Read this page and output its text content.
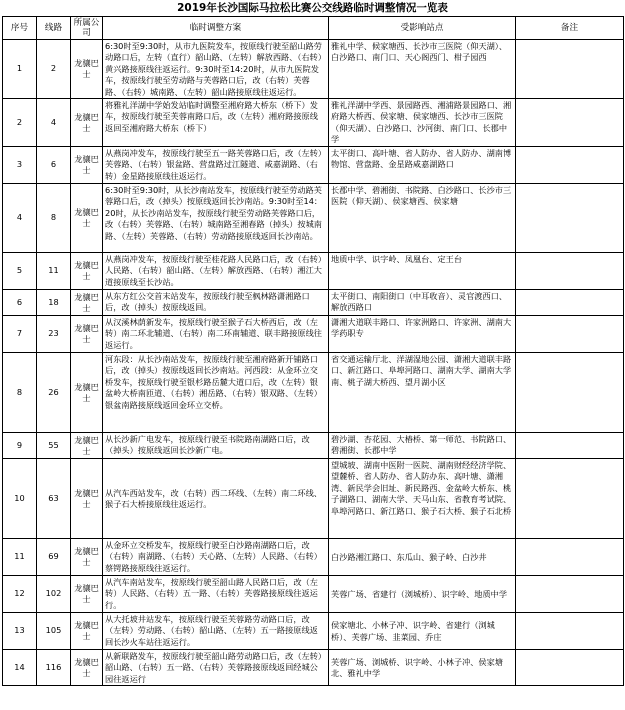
2019年长沙国际马拉松比赛公交线路临时调整情况一览表
序号	线路	所属公司	临时调整方案	受影响站点	备注
1	2	龙骧巴士	6:30时至9:30时，从市九医院发车，按原线行驶至韶山路劳动路口后，左转（直行）韶山路、（左转）解放西路、（右转）黄兴路接原线往返运行。9:30时至14:20时，从市九医院发车，按原线行驶至劳动路与芙蓉路口后，改（右转）芙蓉路、（右转）城南路、（左转）韶山路接原线往返运行。	雅礼中学、候家塘西、长沙市三医院（仰天湖）、白沙路口、南门口、天心阁西门、柑子园西	

2	4	龙骧巴士	将雅礼洋湖中学始发站临时调整至湘府路大桥东（桥下）发车，按原线行驶至芙蓉南路口后，改（左转）湘府路接原线返回至湘府路大桥东（桥下）	雅礼洋湖中学西、景园路西、湘浦路景园路口、湘府路大桥西、侯家塘、侯家塘西、长沙市三医院（仰天湖）、白沙路口、沙河街、南门口、长郡中学	

3	6	龙骧巴士	从燕岗冲发车，按原线行驶至五一路芙蓉路口后，改（左转）芙蓉路、（右转）银盆路、营盘路过江隧道、咸嘉湖路、（右转）金星路接原线往返运行。	太平街口、高叶塘、省人防办、省人防办、湖南博物馆、营盘路、金星路咸嘉湖路口	

4	8	龙骧巴士	6:30时至9:30时，从长沙南站发车，按原线行驶至劳动路芙蓉路口后，改（掉头）按原线返回长沙南站。9:30时至14：20时，从长沙南站发车，按原线行驶至劳动路芙蓉路口后，改（右转）芙蓉路、（右转）城南路至湘春路（掉头）按城南路、（左转）芙蓉路、（右转）劳动路接原线返回长沙南站。	长郡中学、碧湘街、书院路、白沙路口、长沙市三医院（仰天湖）、侯家塘西、侯家塘	

5	11	龙骧巴士	从燕岗冲发车，按原线行驶至桂花路人民路口后，改（右转）人民路、（右转）韶山路、（左转）解放西路、（右转）湘江大道接原线至长沙站。	地质中学、识字岭、凤凰台、定王台	

6	18	龙骧巴士	从东方红公交首末站发车，按原线行驶至枫林路潇湘路口后，改（掉头）按原线返回。	太平街口、南阳街口（中耳收音）、灵官渡西口、解放西路口	

7	23	龙骧巴士	从汉溪林荫新发车，按原线行驶至猴子石大桥西后，改（左转）南二环北辅道、（右转）南二环南辅道、联丰路接原线往返运行。	潇湘大道联丰路口、许家洲路口、许家洲、湖南大学药职专	

8	26	龙骧巴士	河东段：从长沙南站发车，按原线行驶至湘府路新开铺路口后，改（掉头）按原线返回长沙南站。河西段：从金环立交桥发车，按原线行驶至银杉路岳麓大道口后，改（左转）银盆岭大桥南匝道、（右转）湘岳路、（右转）银双路、（左转）银盆南路接原线返回金环立交桥。	省交通运输厅北、洋湖湿地公园、潇湘大道联丰路口、新江路口、阜埠河路口、湖南大学、湖南大学南、桃子湖大桥西、望月湖小区	

9	55	龙骧巴士	从长沙新广电发车，按原线行驶至书院路南湖路口后，改（掉头）按原线返回长沙新广电。	碧沙湖、杏花园、大椿桥、第一师范、书院路口、碧湘街、长郡中学	

10	63	龙骧巴士	从汽车西站发车，改（右转）西二环线、（左转）南二环线、猴子石大桥接原线往返运行。	望城坡、湖南中医附一医院、湖南财经经济学院、望麓桥、省人防办、省人防办东、高叶塘、潇湘湾、新民学会旧址、新民路西、金盆岭大桥东、桃子湖路口、湖南大学、天马山东、省教育考试院、阜埠河路口、新江路口、猴子石大桥、猴子石北桥	

11	69	龙骧巴士	从金环立交桥发车，按原线行驶至白沙路南湖路口后，改（右转）南湖路、（右转）天心路、（左转）人民路、（右转）蔡锷路接原线往返运行。	白沙路湘江路口、东瓜山、猴子岭、白沙井	

12	102	龙骧巴士	从汽车南站发车，按原线行驶至韶山路人民路口后，改（左转）人民路、（右转）五一路、（右转）芙蓉路接原线往返运行。	芙蓉广场、省建行（浏城桥）、识字岭、地质中学	

13	105	龙骧巴士	从大托坡井站发车，按原线行驶至芙蓉路劳动路口后，改（左转）劳动路、（右转）韶山路、（左转）五一路接原线返回长沙火车站往返运行。	侯家塘北、小林子冲、识字岭、省建行（浏城桥）、芙蓉广场、韭菜园、乔庄	

14	116	龙骧巴士	从新联路发车，按原线行驶至韶山路劳动路口后，改（左转）韶山路、（右转）五一路、（右转）芙蓉路接原线返回经城公园往返运行	芙蓉广场、浏城桥、识字岭、小林子冲、侯家塘北、雅礼中学	
